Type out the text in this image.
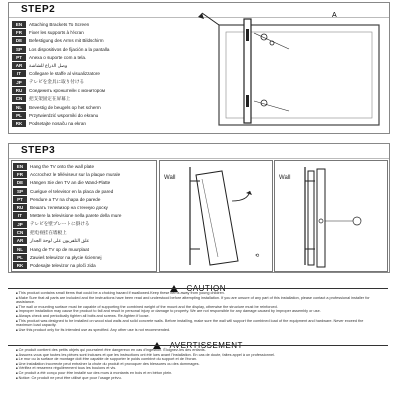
STEP2
EN	Attaching Brackets To Screen
FR	Fixer les supports à l'écran
DE	Befestigung des Arms mit Bildschirm
SP	Los dispositivos de fijación a la pantalla
PT	Anexa o suporte com a tela.
AR	وصل الذراع للشاشة
IT	Collegare le staffe al visualizzatore
JP	テレビを金具に取り付ける
RU	Соединить кронштейн с монитором
CN	把支架固定在屏幕上
NL	Bevestig de beugels op het scherm
PL	Przytwierdzić wsporniki do ekranu
RK	Podsetajte nosaču na ekran
A
STEP3
EN	Hang the TV onto the wall plate
FR	Accrochez le téléviseur sur la plaque murale
DE	Hängen Sie den TV an die Wand-Platte
SP	Cuelgue el televisor en la placa de pared
PT	Pendure a TV na chapa de parede
RU	Вешать телевизор на стенную доску
IT	Mettere la televisione nella parete della mure
JP	テレビを壁プレートに掛ける
CN	把电视挂在墙板上
AR	علق التلفزيون على لوحة الجدار
NL	Hang de TV op de muurplaat
PL	Zawieś telewizor na płycie ściennej
RK	Podesajte televizor na ploči zida
Wall
⟲
Wall
■ This product contains small items that could be a choking hazard if swallowed.Keep these items away from young children.
■ Make Sure that all parts are included and the instructions have been read and understood before attempting installation. If you are unsure of any part of this installation, please contact a professional installer for assistance.
■ The wall or mounting surface must be capable of supporting the combined weight of the mount and the display, otherwise the structure must be reinforced.
■ Improper installation may cause the product to fall and result in personal injury or damage to property. We are not responsible for any damage caused by improper assembly or use.
■ Always check and periodically tighten all bolts and screws. Re-tighten if loose.
■ This product was designed to be installed on wood stud walls and solid concrete walls. Before installing, make sure the wall will support the combined load of the equipment and hardware. Never exceed the maximum load capacity.
■ Use this product only for its intended use as specified. Any other use is not recommended.
■ Ce produit contient des petits objets qui pourraient être dangereux en cas d'ingestion. Éloignez-les des enfants.
■ Assurez-vous que toutes les pièces sont incluses et que les instructions ont été lues avant l'installation. En cas de doute, faites appel à un professionnel.
■ Le mur ou la surface de montage doit être capable de supporter le poids combiné du support et de l'écran.
■ Une installation incorrecte peut entraîner la chute du produit et provoquer des blessures ou des dommages.
■ Vérifiez et resserrez régulièrement tous les boulons et vis.
■ Ce produit a été conçu pour être installé sur des murs à montants en bois et en béton plein.
■ Notice: Ce produit ne peut être utilisé que pour l'usage prévu.
